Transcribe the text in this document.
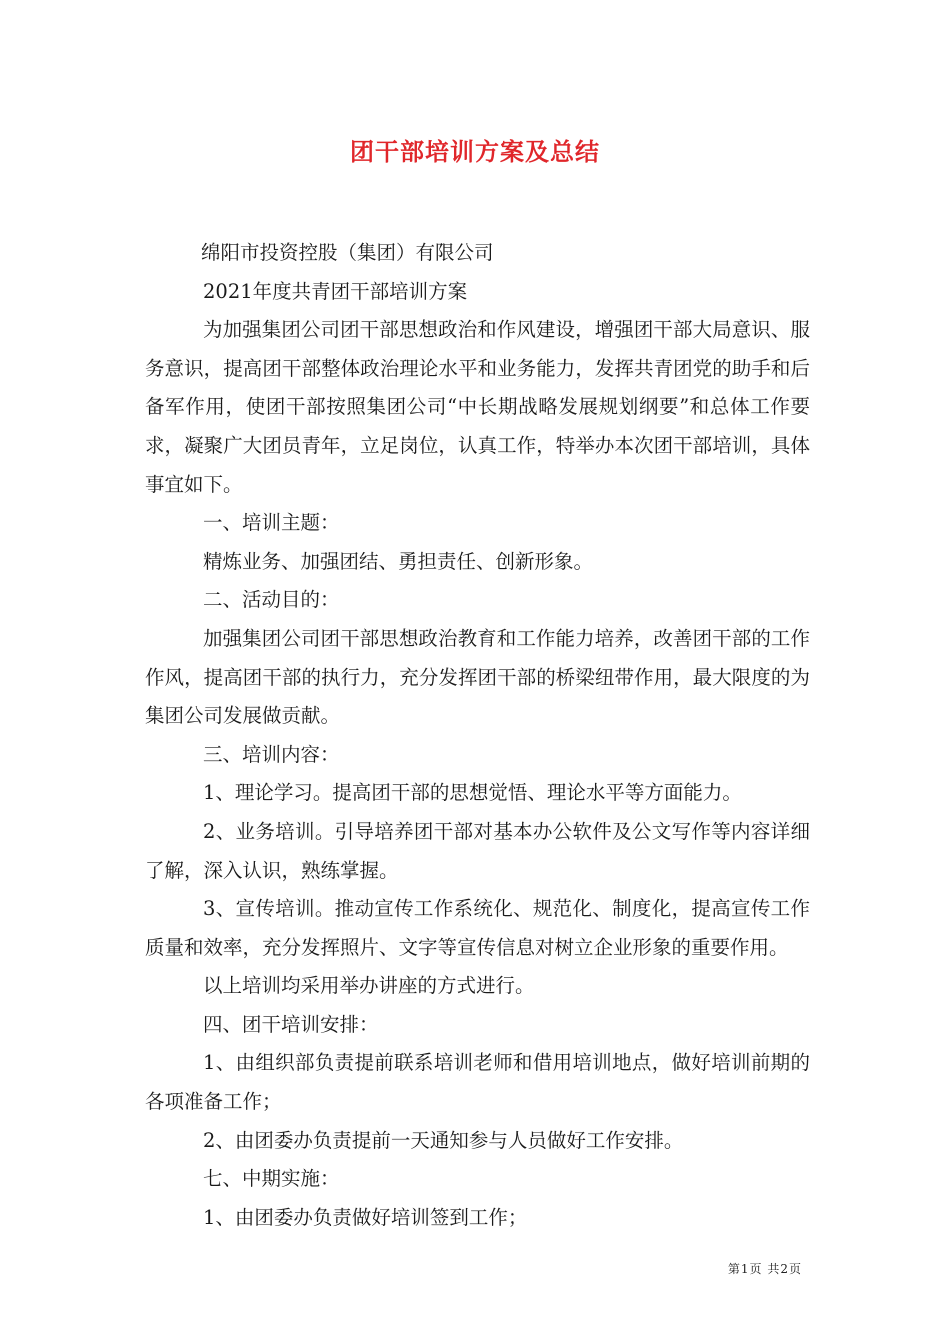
团干部培训方案及总结

绵阳市投资控股（集团）有限公司

2021年度共青团干部培训方案

为加强集团公司团干部思想政治和作风建设，增强团干部大局意识、服务意识，提高团干部整体政治理论水平和业务能力，发挥共青团党的助手和后备军作用，使团干部按照集团公司“中长期战略发展规划纲要”和总体工作要求，凝聚广大团员青年，立足岗位，认真工作，特举办本次团干部培训，具体事宜如下。

一、培训主题：

精炼业务、加强团结、勇担责任、创新形象。

二、活动目的：

加强集团公司团干部思想政治教育和工作能力培养，改善团干部的工作作风，提高团干部的执行力，充分发挥团干部的桥梁纽带作用，最大限度的为集团公司发展做贡献。

三、培训内容：

1、理论学习。提高团干部的思想觉悟、理论水平等方面能力。

2、业务培训。引导培养团干部对基本办公软件及公文写作等内容详细了解，深入认识，熟练掌握。

3、宣传培训。推动宣传工作系统化、规范化、制度化，提高宣传工作质量和效率，充分发挥照片、文字等宣传信息对树立企业形象的重要作用。

以上培训均采用举办讲座的方式进行。

四、团干培训安排：

1、由组织部负责提前联系培训老师和借用培训地点，做好培训前期的各项准备工作；

2、由团委办负责提前一天通知参与人员做好工作安排。

七、中期实施：

1、由团委办负责做好培训签到工作；

第1页 共2页
